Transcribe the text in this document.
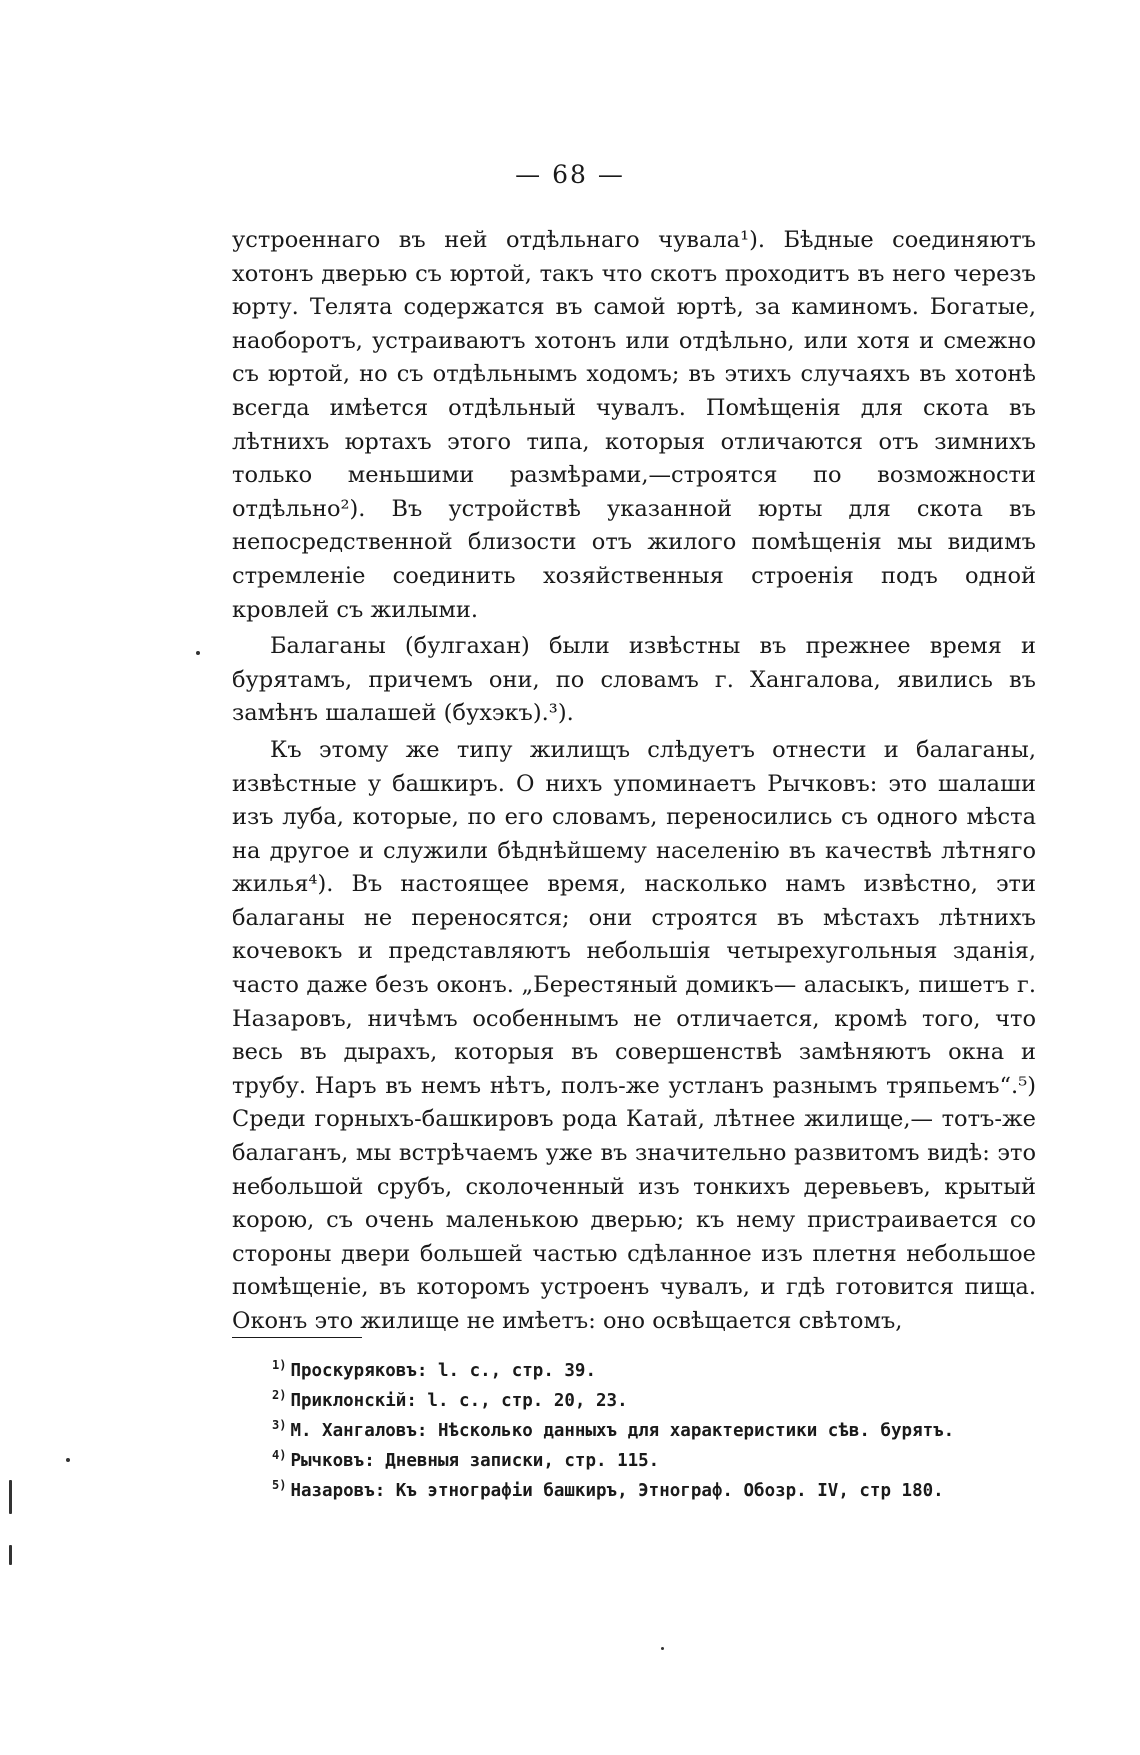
— 68 —

устроеннаго въ ней отдѣльнаго чувала¹). Бѣдные соединяютъ хотонъ дверью съ юртой, такъ что скотъ проходитъ въ него черезъ юрту. Телята содержатся въ самой юртѣ, за каминомъ. Богатые, наоборотъ, устраиваютъ хотонъ или отдѣльно, или хотя и смежно съ юртой, но съ отдѣльнымъ ходомъ; въ этихъ случаяхъ въ хотонѣ всегда имѣется отдѣльный чувалъ. Помѣщенія для скота въ лѣтнихъ юртахъ этого типа, которыя отличаются отъ зимнихъ только меньшими размѣрами,—строятся по возможности отдѣльно²). Въ устройствѣ указанной юрты для скота въ непосредственной близости отъ жилого помѣщенія мы видимъ стремленіе соединить хозяйственныя строенія подъ одной кровлей съ жилыми.

Балаганы (булгахан) были извѣстны въ прежнее время и бурятамъ, причемъ они, по словамъ г. Хангалова, явились въ замѣнъ шалашей (бухэкъ).³).

Къ этому же типу жилищъ слѣдуетъ отнести и балаганы, извѣстные у башкиръ. О нихъ упоминаетъ Рычковъ: это шалаши изъ луба, которые, по его словамъ, переносились съ одного мѣста на другое и служили бѣднѣйшему населенію въ качествѣ лѣтняго жилья⁴). Въ настоящее время, насколько намъ извѣстно, эти балаганы не переносятся; они строятся въ мѣстахъ лѣтнихъ кочевокъ и представляютъ небольшія четырехугольныя зданія, часто даже безъ оконъ. „Берестяный домикъ— аласыкъ, пишетъ г. Назаровъ, ничѣмъ особеннымъ не отличается, кромѣ того, что весь въ дырахъ, которыя въ совершенствѣ замѣняютъ окна и трубу. Наръ въ немъ нѣтъ, полъ-же устланъ разнымъ тряпьемъ“.⁵) Среди горныхъ-башкировъ рода Катай, лѣтнее жилище,— тотъ-же балаганъ, мы встрѣчаемъ уже въ значительно развитомъ видѣ: это небольшой срубъ, сколоченный изъ тонкихъ деревьевъ, крытый корою, съ очень маленькою дверью; къ нему пристраивается со стороны двери большей частью сдѣланное изъ плетня небольшое помѣщеніе, въ которомъ устроенъ чувалъ, и гдѣ готовится пища. Оконъ это жилище не имѣетъ: оно освѣщается свѣтомъ,

$^{1)}$ Проскуряковъ: l. c., стр. 39.
$^{2)}$ Приклонскій: l. c., стр. 20, 23.
$^{3)}$ М. Хангаловъ: Нѣсколько данныхъ для характеристики сѣв. бурятъ.
$^{4)}$ Рычковъ: Дневныя записки, стр. 115.
$^{5)}$ Назаровъ: Къ этнографіи башкиръ, Этнограф. Обозр. IV, стр 180.
